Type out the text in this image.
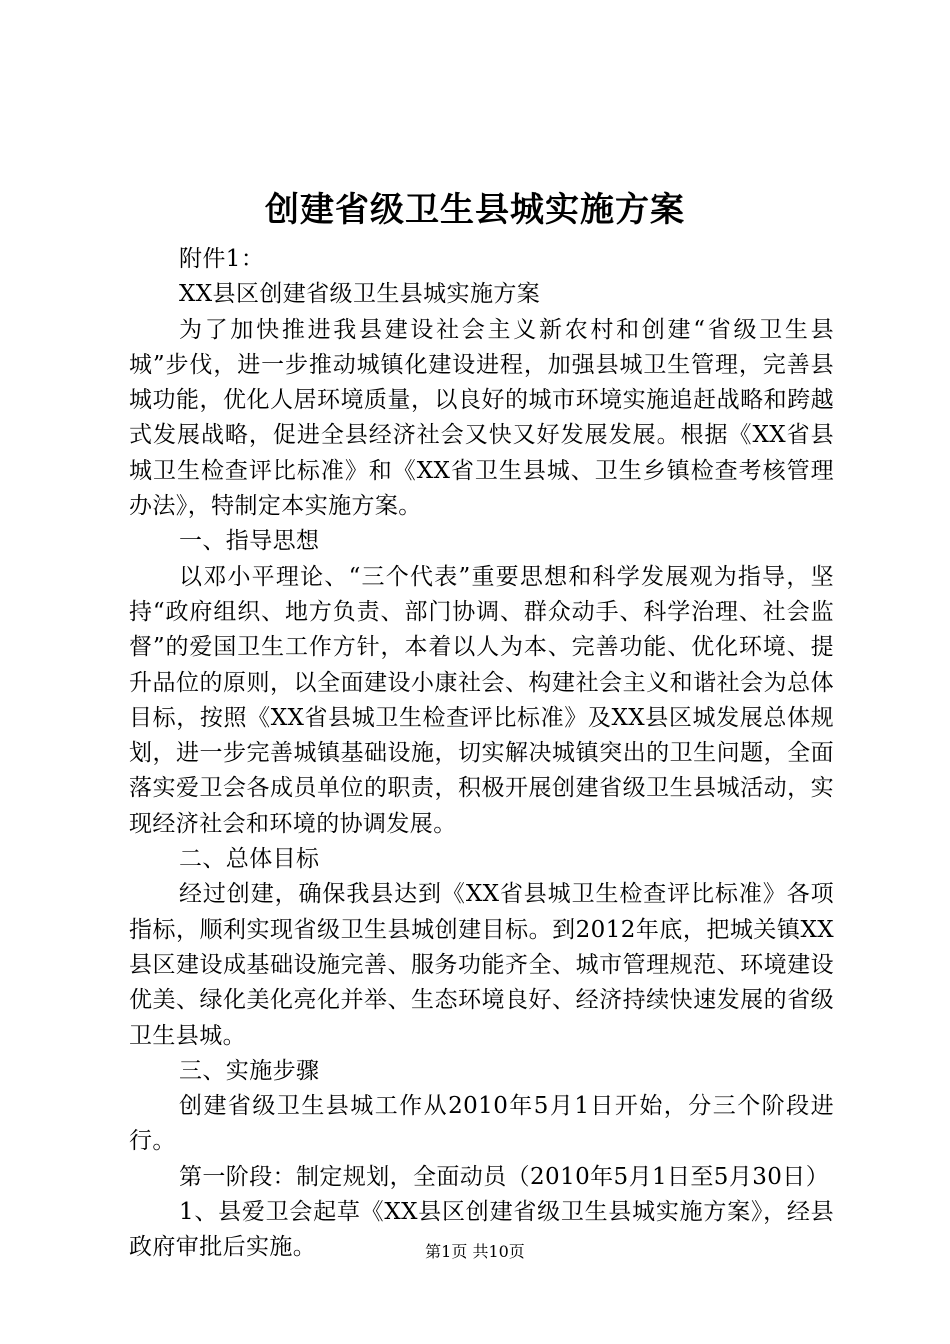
创建省级卫生县城实施方案

附件1：

XX县区创建省级卫生县城实施方案

为了加快推进我县建设社会主义新农村和创建“省级卫生县城”步伐，进一步推动城镇化建设进程，加强县城卫生管理，完善县城功能，优化人居环境质量，以良好的城市环境实施追赶战略和跨越式发展战略，促进全县经济社会又快又好发展发展。根据《XX省县城卫生检查评比标准》和《XX省卫生县城、卫生乡镇检查考核管理办法》，特制定本实施方案。

一、指导思想

以邓小平理论、“三个代表”重要思想和科学发展观为指导，坚持“政府组织、地方负责、部门协调、群众动手、科学治理、社会监督”的爱国卫生工作方针，本着以人为本、完善功能、优化环境、提升品位的原则，以全面建设小康社会、构建社会主义和谐社会为总体目标，按照《XX省县城卫生检查评比标准》及XX县区城发展总体规划，进一步完善城镇基础设施，切实解决城镇突出的卫生问题，全面落实爱卫会各成员单位的职责，积极开展创建省级卫生县城活动，实现经济社会和环境的协调发展。

二、总体目标

经过创建，确保我县达到《XX省县城卫生检查评比标准》各项指标，顺利实现省级卫生县城创建目标。到2012年底，把城关镇XX县区建设成基础设施完善、服务功能齐全、城市管理规范、环境建设优美、绿化美化亮化并举、生态环境良好、经济持续快速发展的省级卫生县城。

三、实施步骤

创建省级卫生县城工作从2010年5月1日开始，分三个阶段进行。

第一阶段：制定规划，全面动员（2010年5月1日至5月30日）

1、县爱卫会起草《XX县区创建省级卫生县城实施方案》，经县政府审批后实施。	第1页 共10页
